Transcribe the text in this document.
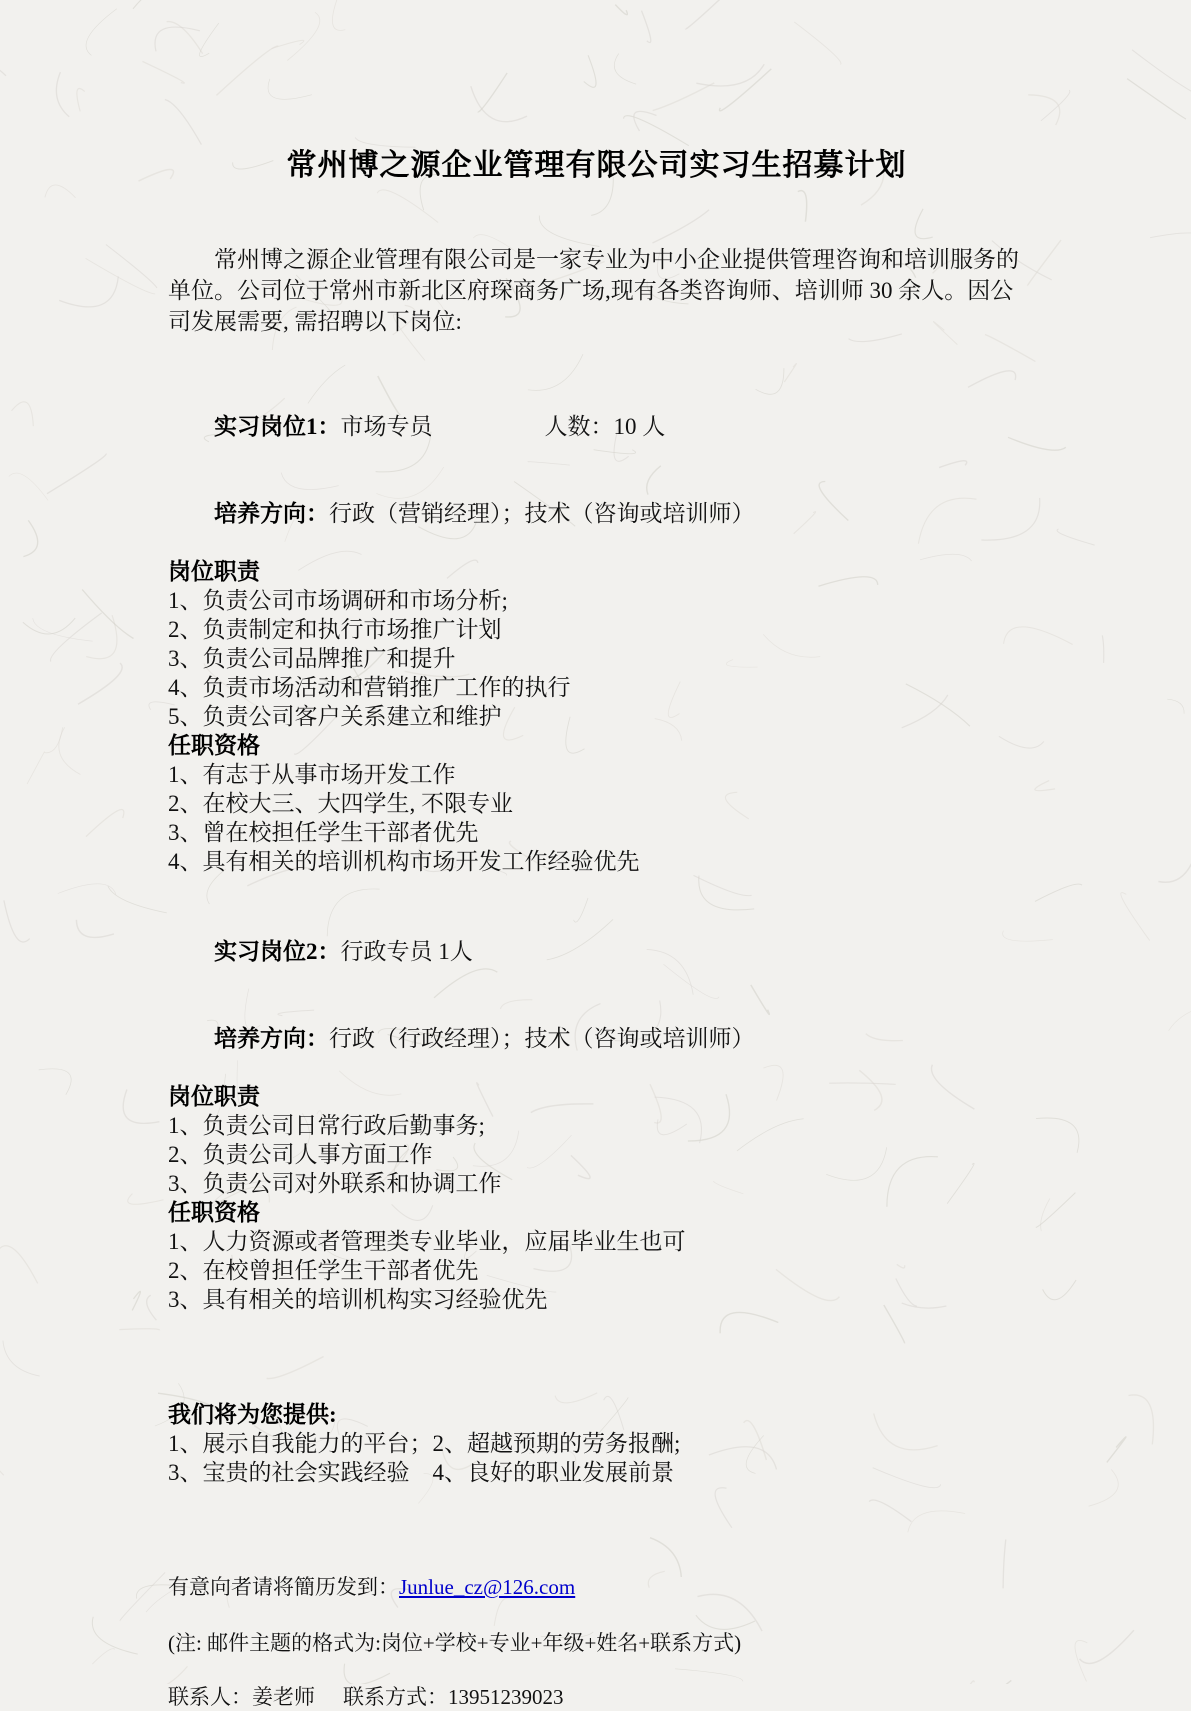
常州博之源企业管理有限公司实习生招募计划

常州博之源企业管理有限公司是一家专业为中小企业提供管理咨询和培训服务的单位。公司位于常州市新北区府琛商务广场,现有各类咨询师、培训师 30 余人。因公司发展需要, 需招聘以下岗位:

实习岗位1：市场专员	人数：10 人

培养方向：行政（营销经理）；技术（咨询或培训师）

岗位职责
1、负责公司市场调研和市场分析;
2、负责制定和执行市场推广计划
3、负责公司品牌推广和提升
4、负责市场活动和营销推广工作的执行
5、负责公司客户关系建立和维护
任职资格
1、有志于从事市场开发工作
2、在校大三、大四学生, 不限专业
3、曾在校担任学生干部者优先
4、具有相关的培训机构市场开发工作经验优先

实习岗位2：行政专员 1人

培养方向：行政（行政经理）；技术（咨询或培训师）

岗位职责
1、负责公司日常行政后勤事务;
2、负责公司人事方面工作
3、负责公司对外联系和协调工作
任职资格
1、人力资源或者管理类专业毕业，应届毕业生也可
2、在校曾担任学生干部者优先
3、具有相关的培训机构实习经验优先
我们将为您提供:
1、展示自我能力的平台；2、超越预期的劳务报酬;
3、宝贵的社会实践经验　4、良好的职业发展前景
有意向者请将簡历发到：Junlue_cz@126.com
(注: 邮件主题的格式为:岗位+学校+专业+年级+姓名+联系方式)
联系人：姜老师 联系方式：13951239023
